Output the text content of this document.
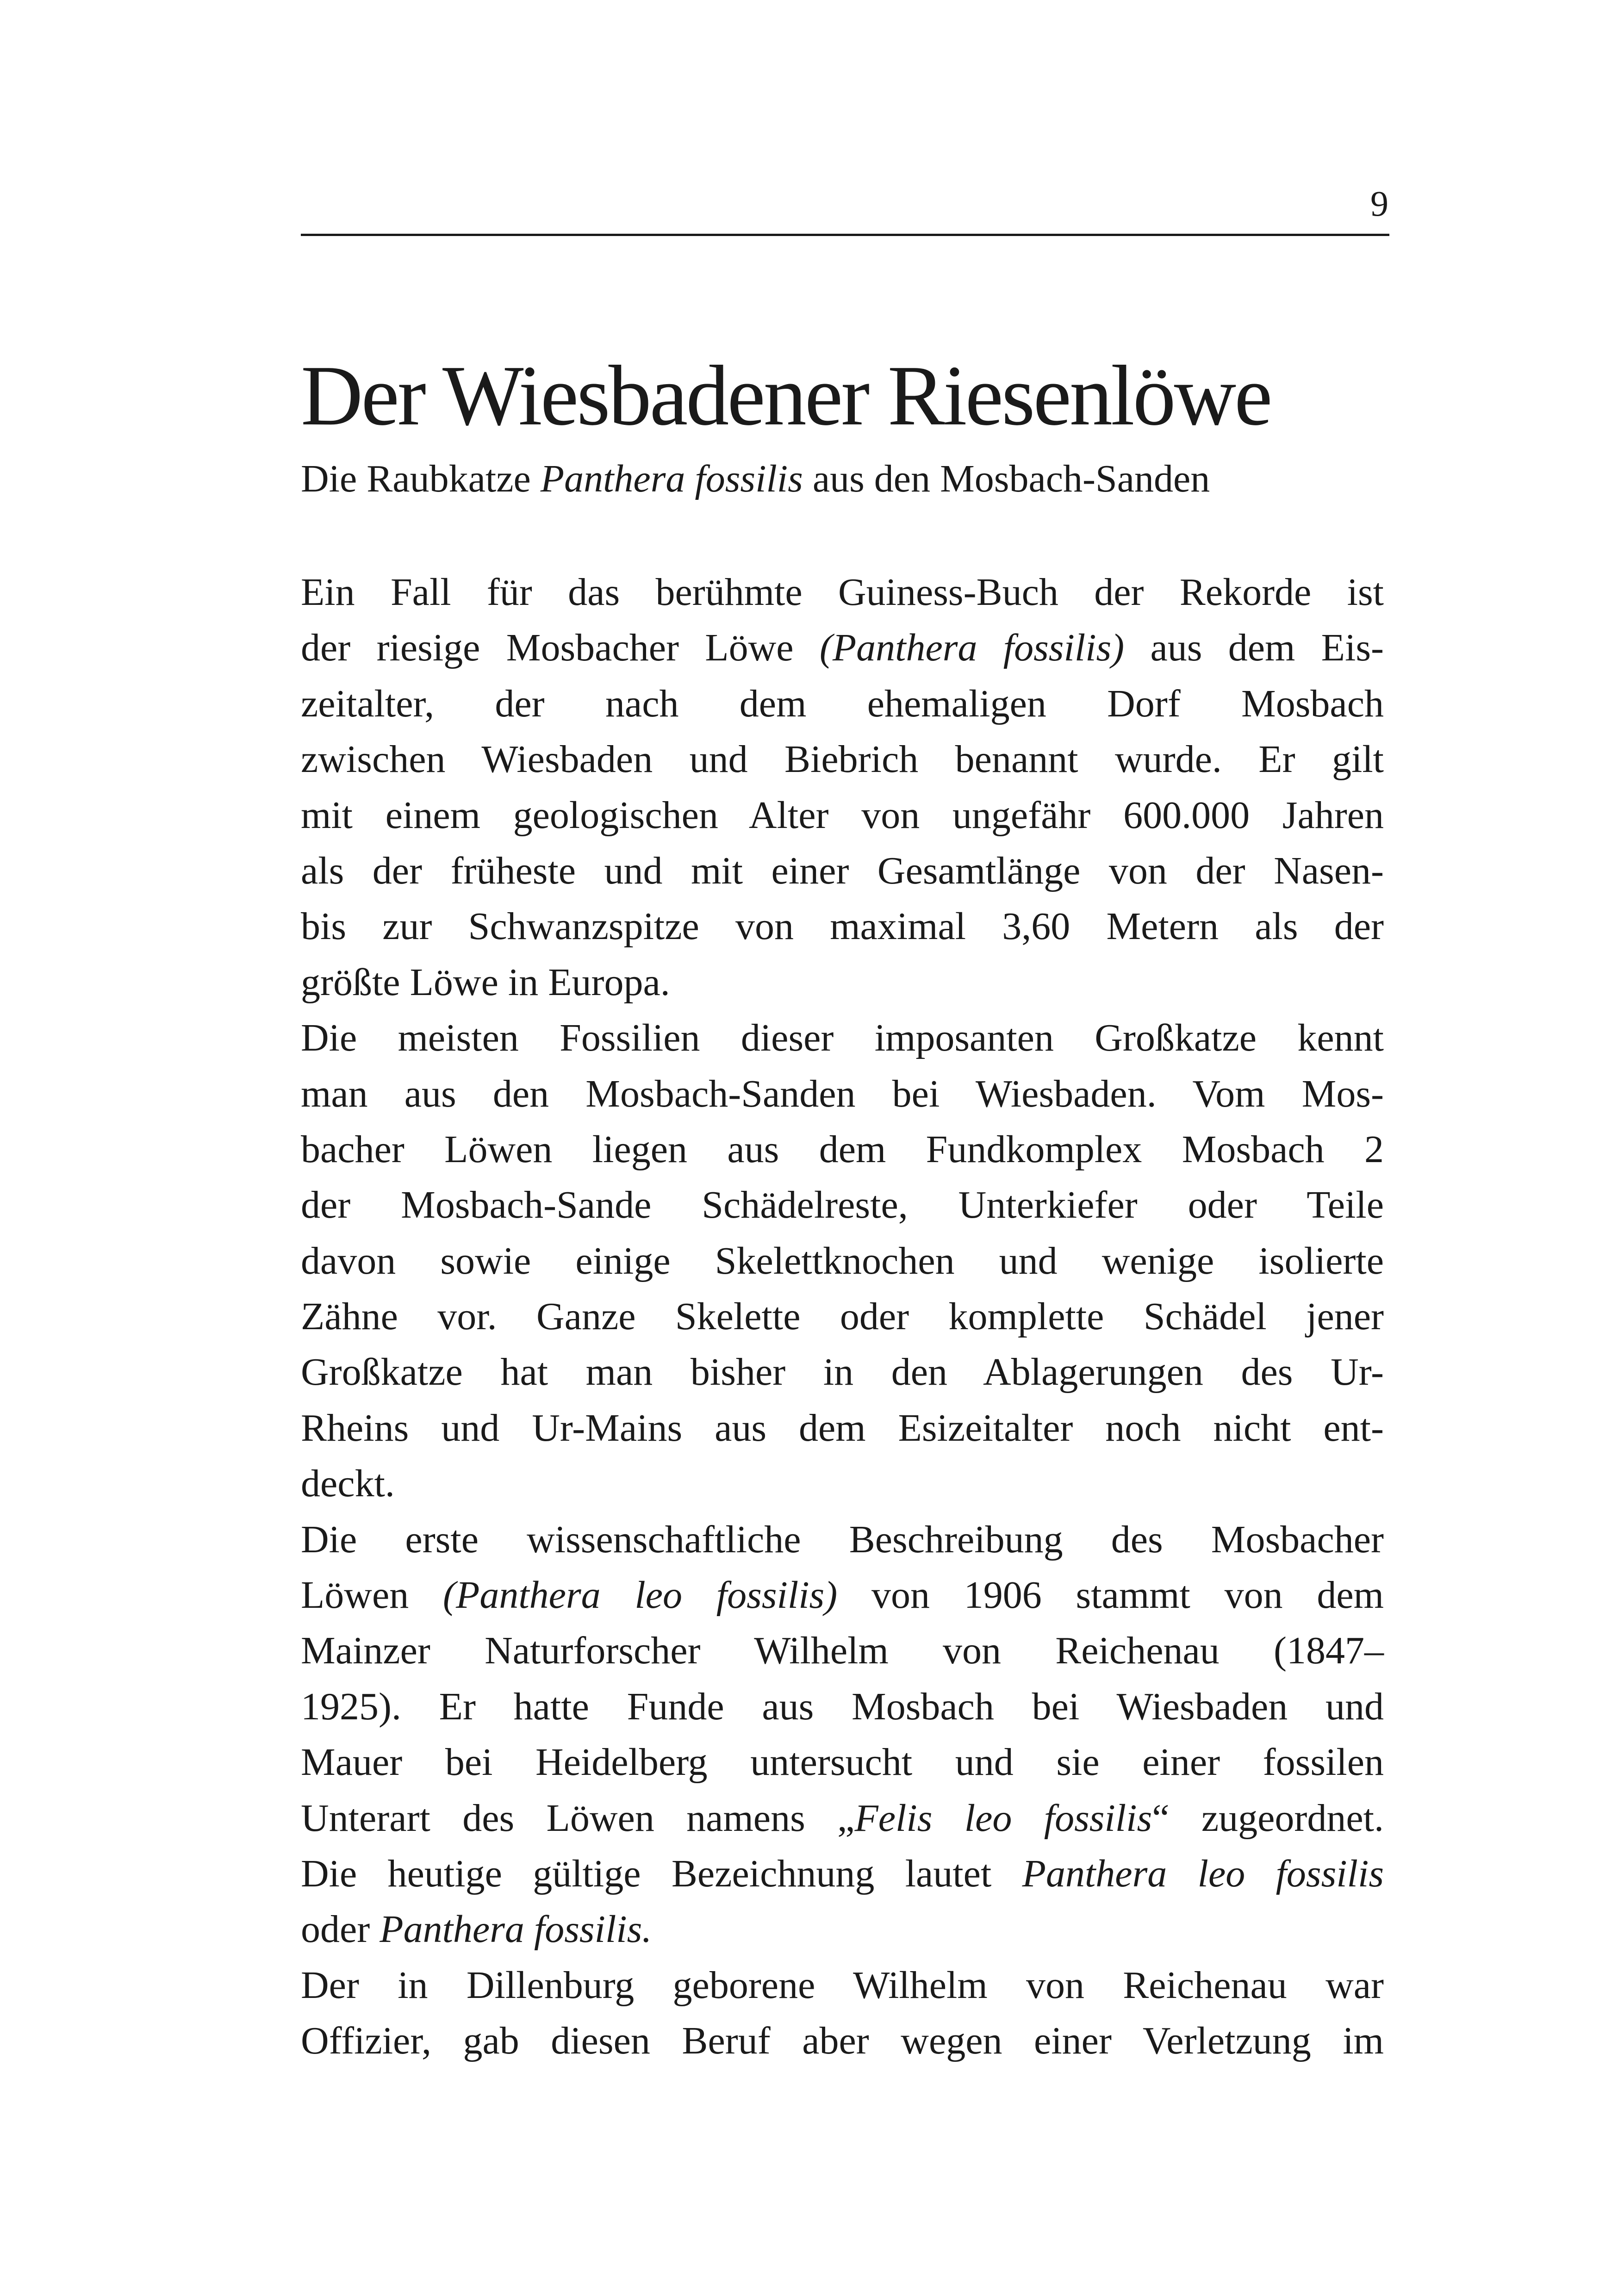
9
Der Wiesbadener Riesenlöwe

Die Raubkatze Panthera fossilis aus den Mosbach-Sanden

Ein Fall für das berühmte Guiness-Buch der Rekorde ist
der riesige Mosbacher Löwe (Panthera fossilis) aus dem Eis-
zeitalter, der nach dem ehemaligen Dorf Mosbach
zwischen Wiesbaden und Biebrich benannt wurde. Er gilt
mit einem geologischen Alter von ungefähr 600.000 Jahren
als der früheste und mit einer Gesamtlänge von der Nasen-
bis zur Schwanzspitze von maximal 3,60 Metern als der
größte Löwe in Europa.
Die meisten Fossilien dieser imposanten Großkatze kennt
man aus den Mosbach-Sanden bei Wiesbaden. Vom Mos-
bacher Löwen liegen aus dem Fundkomplex Mosbach 2
der Mosbach-Sande Schädelreste, Unterkiefer oder Teile
davon sowie einige Skelettknochen und wenige isolierte
Zähne vor. Ganze Skelette oder komplette Schädel jener
Großkatze hat man bisher in den Ablagerungen des Ur-
Rheins und Ur-Mains aus dem Esizeitalter noch nicht ent-
deckt.
Die erste wissenschaftliche Beschreibung des Mosbacher
Löwen (Panthera leo fossilis) von 1906 stammt von dem
Mainzer Naturforscher Wilhelm von Reichenau (1847–
1925). Er hatte Funde aus Mosbach bei Wiesbaden und
Mauer bei Heidelberg untersucht und sie einer fossilen
Unterart des Löwen namens „Felis leo fossilis“ zugeordnet.
Die heutige gültige Bezeichnung lautet Panthera leo fossilis
oder Panthera fossilis.
Der in Dillenburg geborene Wilhelm von Reichenau war
Offizier, gab diesen Beruf aber wegen einer Verletzung im
